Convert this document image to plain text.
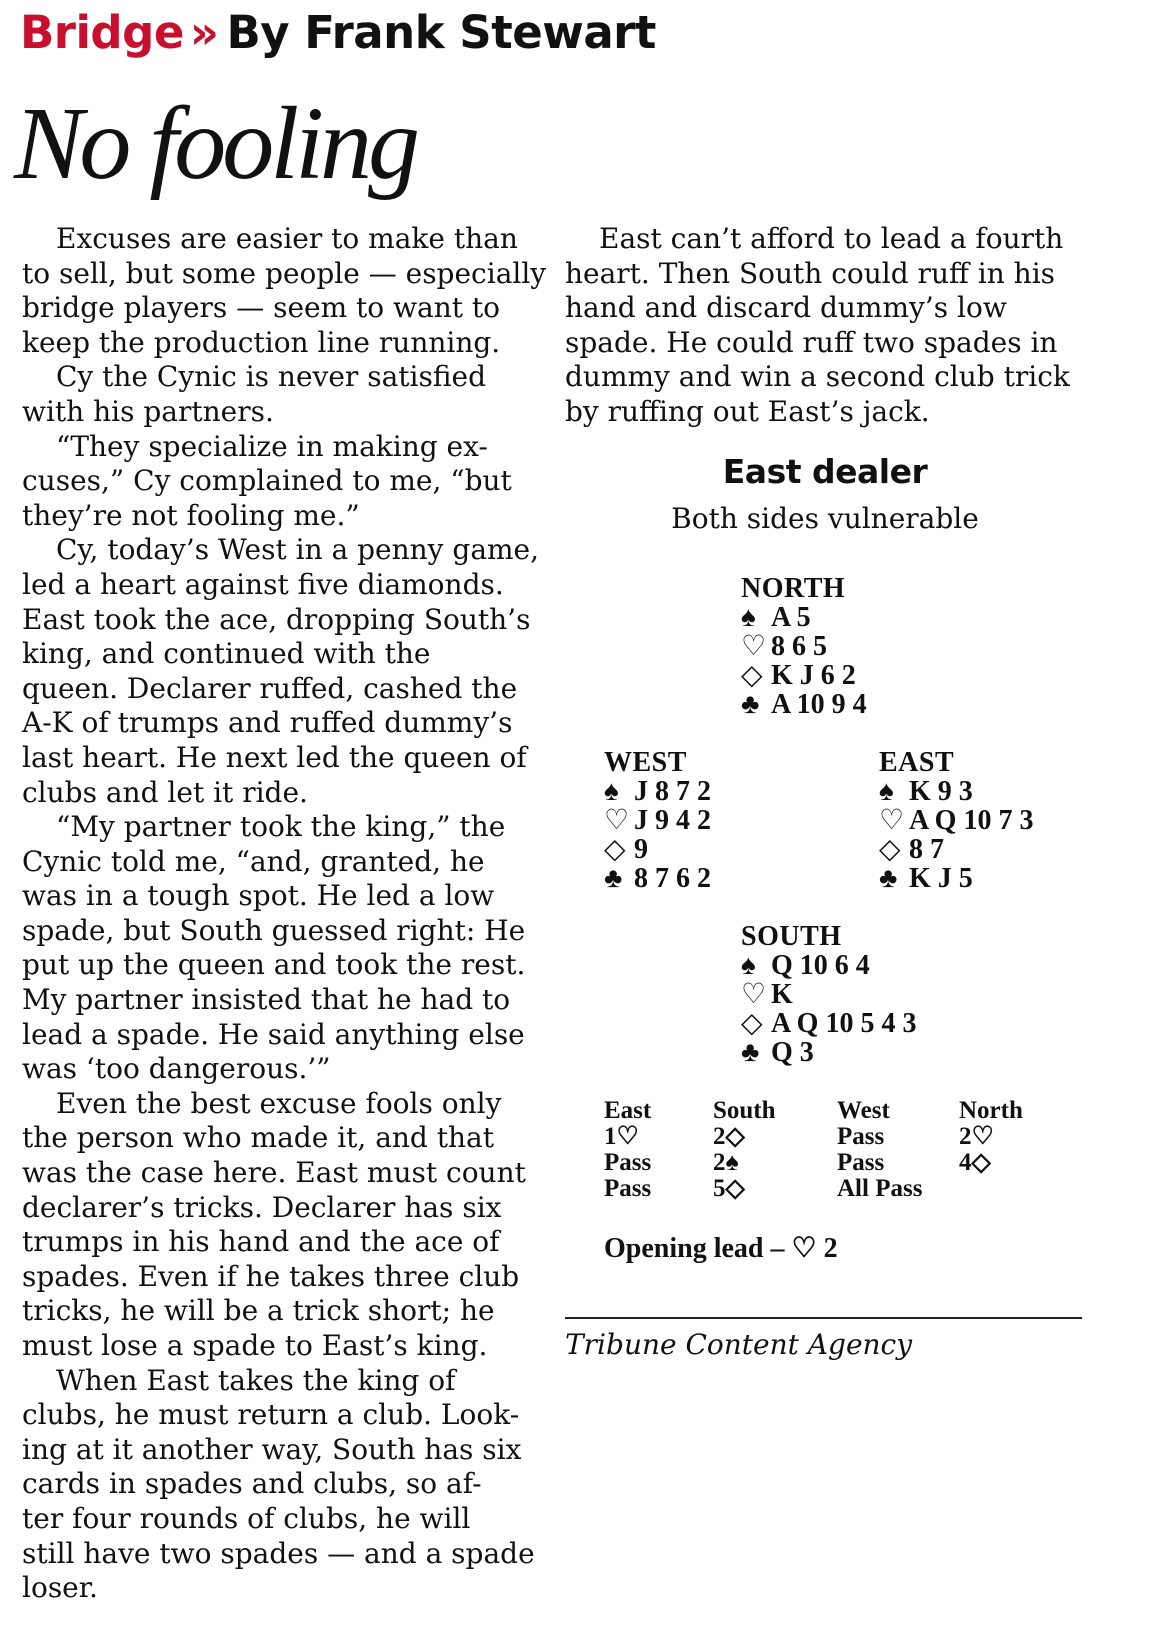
Bridge » By Frank Stewart
No fooling

Excuses are easier to make than
to sell, but some people — especially
bridge players — seem to want to
keep the production line running.

Cy the Cynic is never satisfied
with his partners.

“They specialize in making ex-
cuses,” Cy complained to me, “but
they’re not fooling me.”

Cy, today’s West in a penny game,
led a heart against five diamonds.
East took the ace, dropping South’s
king, and continued with the
queen. Declarer ruffed, cashed the
A-K of trumps and ruffed dummy’s
last heart. He next led the queen of
clubs and let it ride.

“My partner took the king,” the
Cynic told me, “and, granted, he
was in a tough spot. He led a low
spade, but South guessed right: He
put up the queen and took the rest.
My partner insisted that he had to
lead a spade. He said anything else
was ‘too dangerous.’”

Even the best excuse fools only
the person who made it, and that
was the case here. East must count
declarer’s tricks. Declarer has six
trumps in his hand and the ace of
spades. Even if he takes three club
tricks, he will be a trick short; he
must lose a spade to East’s king.

When East takes the king of
clubs, he must return a club. Look-
ing at it another way, South has six
cards in spades and clubs, so af-
ter four rounds of clubs, he will
still have two spades — and a spade
loser.

East can’t afford to lead a fourth
heart. Then South could ruff in his
hand and discard dummy’s low
spade. He could ruff two spades in
dummy and win a second club trick
by ruffing out East’s jack.
East dealer
Both sides vulnerable
NORTH
♠ A 5
♡ 8 6 5
◇ K J 6 2
♣ A 10 9 4
WEST
♠ J 8 7 2
♡ J 9 4 2
◇ 9
♣ 8 7 6 2
EAST
♠ K 9 3
♡ A Q 10 7 3
◇ 8 7
♣ K J 5
SOUTH
♠ Q 10 6 4
♡ K
◇ A Q 10 5 4 3
♣ Q 3
East
1♡
Pass
Pass
South
2◇
2♠
5◇
West
Pass
Pass
All Pass
North
2♡
4◇
Opening lead – ♡ 2
Tribune Content Agency
